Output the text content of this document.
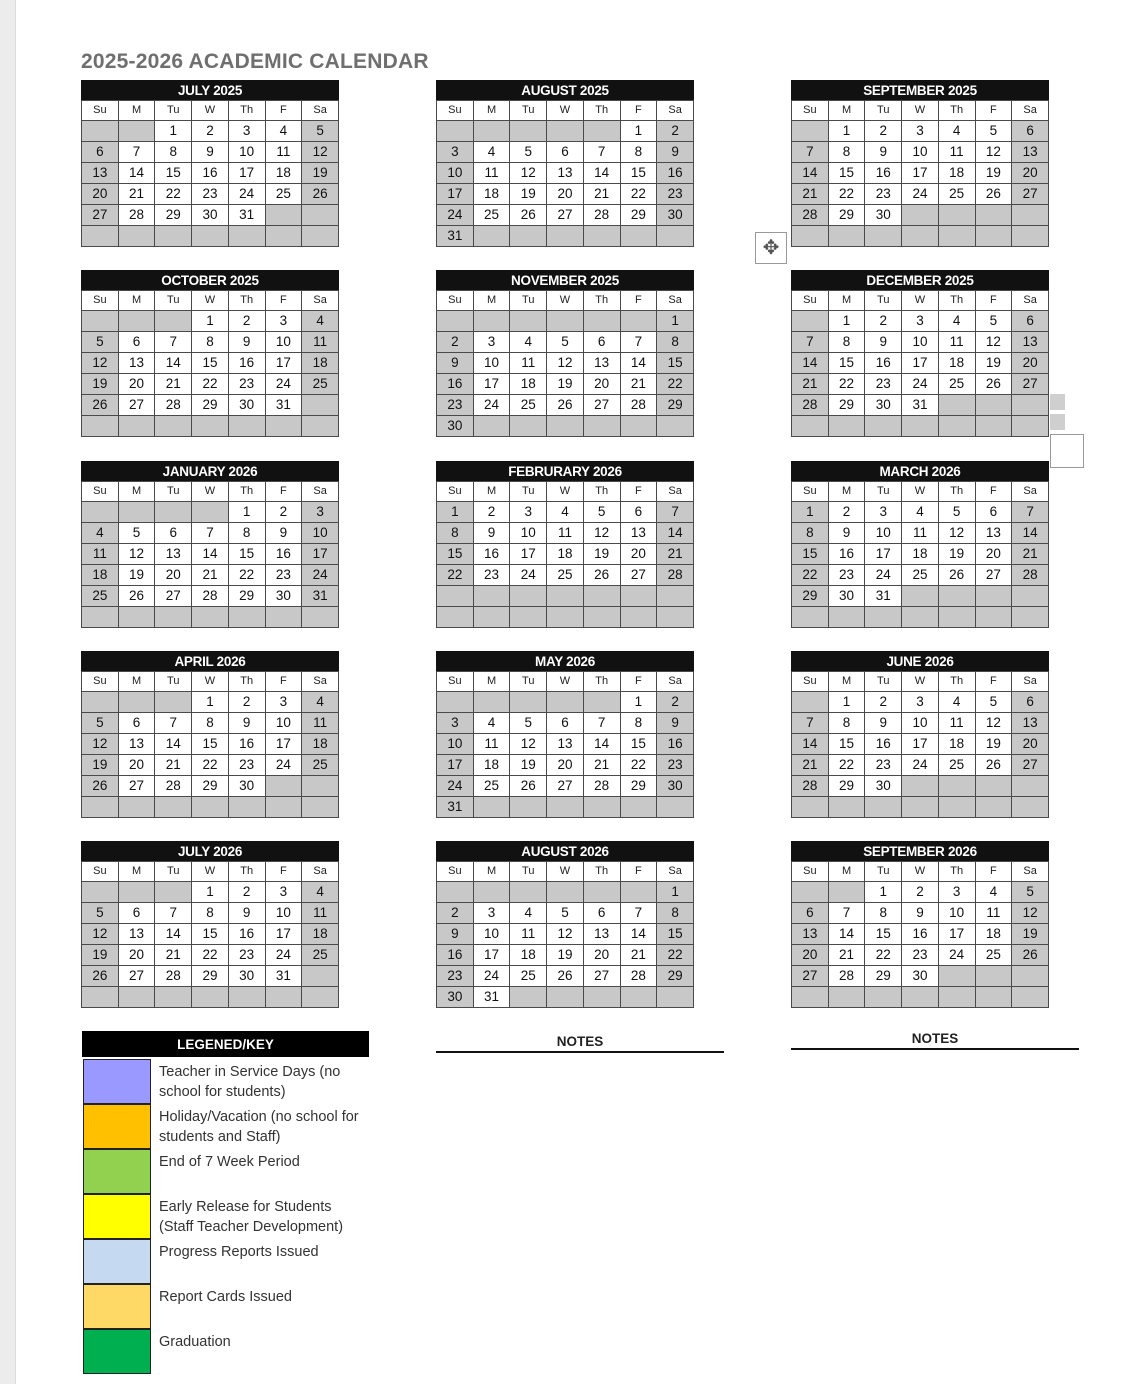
2025-2026 ACADEMIC CALENDAR
JULY 2025
Su	M	Tu	W	Th	F	Sa
		1	2	3	4	5
6	7	8	9	10	11	12
13	14	15	16	17	18	19
20	21	22	23	24	25	26
27	28	29	30	31		

AUGUST 2025
Su	M	Tu	W	Th	F	Sa
					1	2
3	4	5	6	7	8	9
10	11	12	13	14	15	16
17	18	19	20	21	22	23
24	25	26	27	28	29	30
31						
SEPTEMBER 2025
Su	M	Tu	W	Th	F	Sa
	1	2	3	4	5	6
7	8	9	10	11	12	13
14	15	16	17	18	19	20
21	22	23	24	25	26	27
28	29	30				

OCTOBER 2025
Su	M	Tu	W	Th	F	Sa
			1	2	3	4
5	6	7	8	9	10	11
12	13	14	15	16	17	18
19	20	21	22	23	24	25
26	27	28	29	30	31	

NOVEMBER 2025
Su	M	Tu	W	Th	F	Sa
						1
2	3	4	5	6	7	8
9	10	11	12	13	14	15
16	17	18	19	20	21	22
23	24	25	26	27	28	29
30						
DECEMBER 2025
Su	M	Tu	W	Th	F	Sa
	1	2	3	4	5	6
7	8	9	10	11	12	13
14	15	16	17	18	19	20
21	22	23	24	25	26	27
28	29	30	31			

JANUARY 2026
Su	M	Tu	W	Th	F	Sa
				1	2	3
4	5	6	7	8	9	10
11	12	13	14	15	16	17
18	19	20	21	22	23	24
25	26	27	28	29	30	31

FEBRURARY 2026
Su	M	Tu	W	Th	F	Sa
1	2	3	4	5	6	7
8	9	10	11	12	13	14
15	16	17	18	19	20	21
22	23	24	25	26	27	28

MARCH 2026
Su	M	Tu	W	Th	F	Sa
1	2	3	4	5	6	7
8	9	10	11	12	13	14
15	16	17	18	19	20	21
22	23	24	25	26	27	28
29	30	31				

APRIL 2026
Su	M	Tu	W	Th	F	Sa
			1	2	3	4
5	6	7	8	9	10	11
12	13	14	15	16	17	18
19	20	21	22	23	24	25
26	27	28	29	30		

MAY 2026
Su	M	Tu	W	Th	F	Sa
					1	2
3	4	5	6	7	8	9
10	11	12	13	14	15	16
17	18	19	20	21	22	23
24	25	26	27	28	29	30
31						
JUNE 2026
Su	M	Tu	W	Th	F	Sa
	1	2	3	4	5	6
7	8	9	10	11	12	13
14	15	16	17	18	19	20
21	22	23	24	25	26	27
28	29	30				

JULY 2026
Su	M	Tu	W	Th	F	Sa
			1	2	3	4
5	6	7	8	9	10	11
12	13	14	15	16	17	18
19	20	21	22	23	24	25
26	27	28	29	30	31	

AUGUST 2026
Su	M	Tu	W	Th	F	Sa
						1
2	3	4	5	6	7	8
9	10	11	12	13	14	15
16	17	18	19	20	21	22
23	24	25	26	27	28	29
30	31					
SEPTEMBER 2026
Su	M	Tu	W	Th	F	Sa
		1	2	3	4	5
6	7	8	9	10	11	12
13	14	15	16	17	18	19
20	21	22	23	24	25	26
27	28	29	30			

✥
LEGENED/KEY
Teacher in Service Days (no school for students)
Holiday/Vacation (no school for students and Staff)
End of 7 Week Period
Early Release for Students (Staff Teacher Development)
Progress Reports Issued
Report Cards Issued
Graduation
NOTES	NOTES
